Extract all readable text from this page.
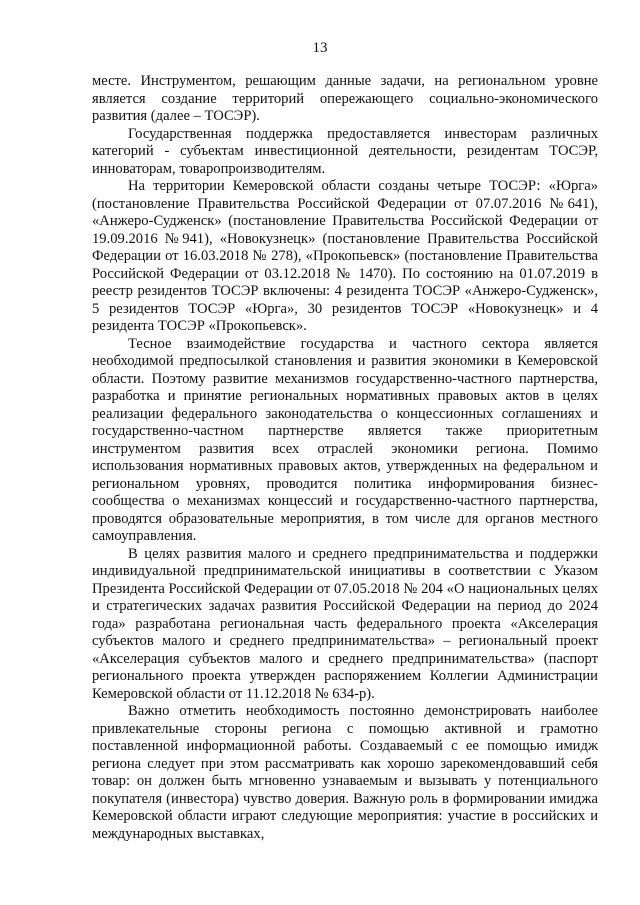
13

месте. Инструментом, решающим данные задачи, на региональном уровне является создание территорий опережающего социально-экономического развития (далее – ТОСЭР).

Государственная поддержка предоставляется инвесторам различных категорий - субъектам инвестиционной деятельности, резидентам ТОСЭР, инноваторам, товаропроизводителям.

На территории Кемеровской области созданы четыре ТОСЭР: «Юрга» (постановление Правительства Российской Федерации от 07.07.2016 №641), «Анжеро-Судженск» (постановление Правительства Российской Федерации от 19.09.2016 №941), «Новокузнецк» (постановление Правительства Российской Федерации от 16.03.2018 № 278), «Прокопьевск» (постановление Правительства Российской Федерации от 03.12.2018 № 1470). По состоянию на 01.07.2019 в реестр резидентов ТОСЭР включены: 4 резидента ТОСЭР «Анжеро-Судженск», 5 резидентов ТОСЭР «Юрга», 30 резидентов ТОСЭР «Новокузнецк» и 4 резидента ТОСЭР «Прокопьевск».

Тесное взаимодействие государства и частного сектора является необходимой предпосылкой становления и развития экономики в Кемеровской области. Поэтому развитие механизмов государственно-частного партнерства, разработка и принятие региональных нормативных правовых актов в целях реализации федерального законодательства о концессионных соглашениях и государственно-частном партнерстве является также приоритетным инструментом развития всех отраслей экономики региона. Помимо использования нормативных правовых актов, утвержденных на федеральном и региональном уровнях, проводится политика информирования бизнес-сообщества о механизмах концессий и государственно-частного партнерства, проводятся образовательные мероприятия, в том числе для органов местного самоуправления.

В целях развития малого и среднего предпринимательства и поддержки индивидуальной предпринимательской инициативы в соответствии с Указом Президента Российской Федерации от 07.05.2018 № 204 «О национальных целях и стратегических задачах развития Российской Федерации на период до 2024 года» разработана региональная часть федерального проекта «Акселерация субъектов малого и среднего предпринимательства» – региональный проект «Акселерация субъектов малого и среднего предпринимательства» (паспорт регионального проекта утвержден распоряжением Коллегии Администрации Кемеровской области от 11.12.2018 № 634-р).

Важно отметить необходимость постоянно демонстрировать наиболее привлекательные стороны региона с помощью активной и грамотно поставленной информационной работы. Создаваемый с ее помощью имидж региона следует при этом рассматривать как хорошо зарекомендовавший себя товар: он должен быть мгновенно узнаваемым и вызывать у потенциального покупателя (инвестора) чувство доверия. Важную роль в формировании имиджа Кемеровской области играют следующие мероприятия: участие в российских и международных выставках,
